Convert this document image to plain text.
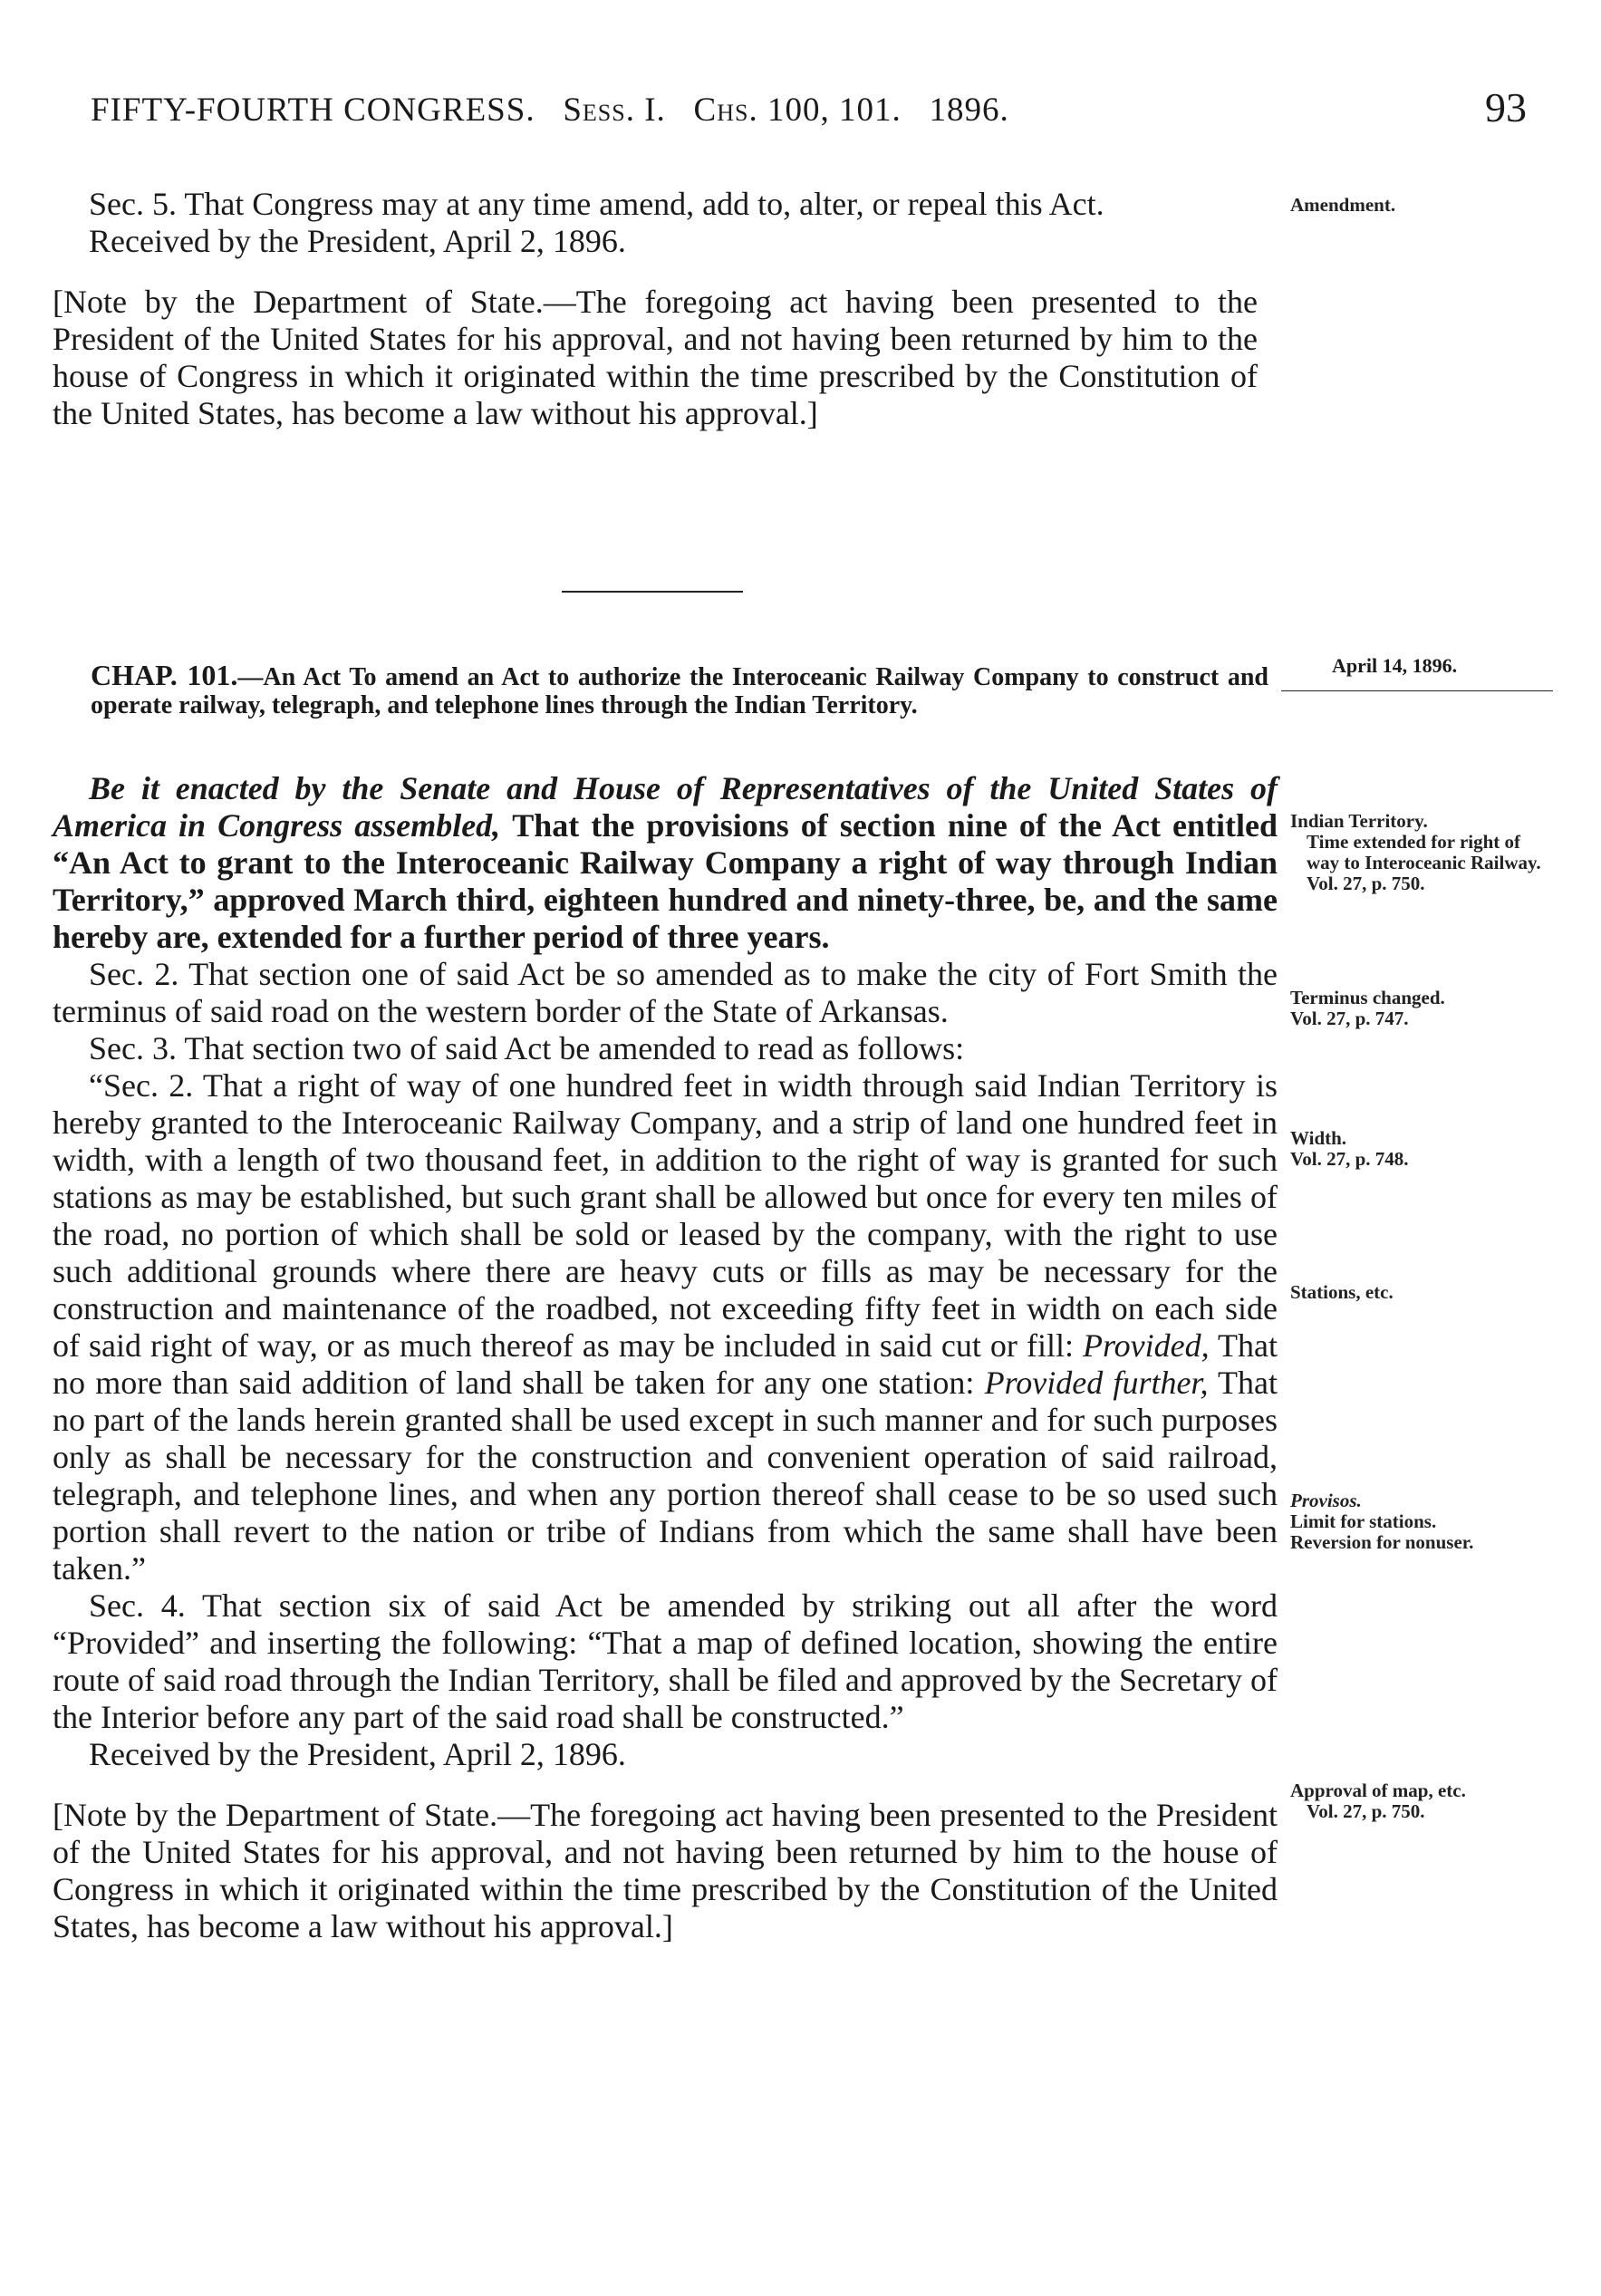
FIFTY-FOURTH CONGRESS. Sess. I. Chs. 100, 101. 1896.	93

Sec. 5. That Congress may at any time amend, add to, alter, or repeal this Act.

Received by the President, April 2, 1896.

[Note by the Department of State.—The foregoing act having been presented to the President of the United States for his approval, and not having been returned by him to the house of Congress in which it originated within the time prescribed by the Constitution of the United States, has become a law without his approval.]

Amendment.
CHAP. 101.—An Act To amend an Act to authorize the Interoceanic Railway Company to construct and operate railway, telegraph, and telephone lines through the Indian Territory.
April 14, 1896.

Be it enacted by the Senate and House of Representatives of the United States of America in Congress assembled, That the provisions of section nine of the Act entitled “An Act to grant to the Interoceanic Railway Company a right of way through Indian Territory,” approved March third, eighteen hundred and ninety-three, be, and the same hereby are, extended for a further period of three years.

Sec. 2. That section one of said Act be so amended as to make the city of Fort Smith the terminus of said road on the western border of the State of Arkansas.

Sec. 3. That section two of said Act be amended to read as follows:

“Sec. 2. That a right of way of one hundred feet in width through said Indian Territory is hereby granted to the Interoceanic Railway Company, and a strip of land one hundred feet in width, with a length of two thousand feet, in addition to the right of way is granted for such stations as may be established, but such grant shall be allowed but once for every ten miles of the road, no portion of which shall be sold or leased by the company, with the right to use such additional grounds where there are heavy cuts or fills as may be necessary for the construction and maintenance of the roadbed, not exceeding fifty feet in width on each side of said right of way, or as much thereof as may be included in said cut or fill: Provided, That no more than said addition of land shall be taken for any one station: Provided further, That no part of the lands herein granted shall be used except in such manner and for such purposes only as shall be necessary for the construction and convenient operation of said railroad, telegraph, and telephone lines, and when any portion thereof shall cease to be so used such portion shall revert to the nation or tribe of Indians from which the same shall have been taken.”

Sec. 4. That section six of said Act be amended by striking out all after the word “Provided” and inserting the following: “That a map of defined location, showing the entire route of said road through the Indian Territory, shall be filed and approved by the Secretary of the Interior before any part of the said road shall be constructed.”

Received by the President, April 2, 1896.

[Note by the Department of State.—The foregoing act having been presented to the President of the United States for his approval, and not having been returned by him to the house of Congress in which it originated within the time prescribed by the Constitution of the United States, has become a law without his approval.]

Indian Territory.
Time extended for right of way to Interoceanic Railway.
Vol. 27, p. 750.
Terminus changed.
Vol. 27, p. 747.
Width.
Vol. 27, p. 748.
Stations, etc.
Provisos.
Limit for stations.
Reversion for nonuser.
Approval of map, etc.
Vol. 27, p. 750.
